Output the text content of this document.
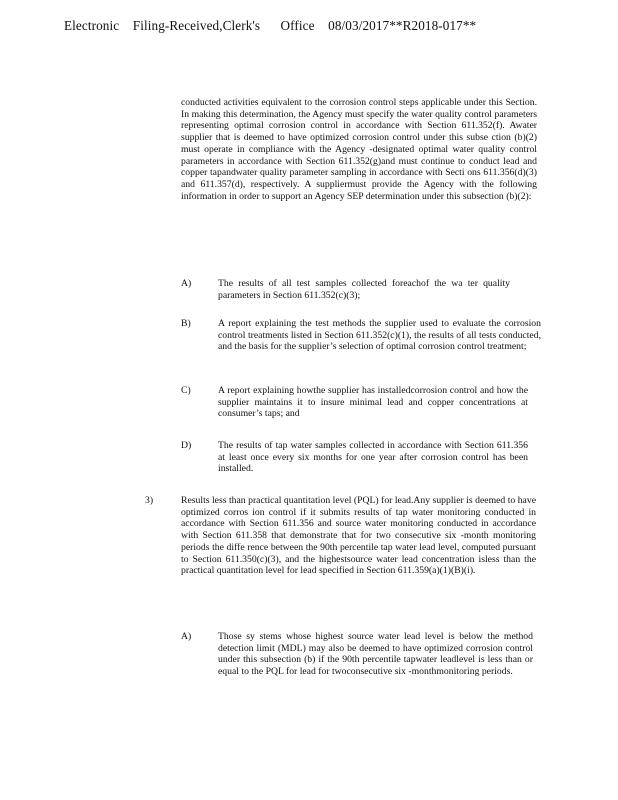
Electronic    Filing-Received,Clerk's      Office    08/03/2017**R2018-017**
conducted activities equivalent to the corrosion control steps applicable under this Section. In making this determination, the Agency must specify the water quality control parameters representing optimal corrosion control in accordance with Section 611.352(f). Awater supplier that is deemed to have optimized corrosion control under this subse ction (b)(2) must operate in compliance with the Agency -designated optimal water quality control parameters in accordance with Section 611.352(g)and must continue to conduct lead and copper tapandwater quality parameter sampling in accordance with Secti ons 611.356(d)(3) and 611.357(d), respectively. A suppliermust provide the Agency with the following information in order to support an Agency SEP determination under this subsection (b)(2):
A)	The results of all test samples collected foreachof the wa ter quality parameters in Section 611.352(c)(3);
B)	A report explaining the test methods the supplier used to evaluate the corrosion control treatments listed in Section 611.352(c)(1), the results of all tests conducted, and the basis for the supplier’s selection of optimal corrosion control treatment;
C)	A report explaining howthe supplier has installedcorrosion control and how the supplier maintains it to insure minimal lead and copper concentrations at consumer’s taps; and
D)	The results of tap water samples collected in accordance with Section 611.356 at least once every six months for one year after corrosion control has been installed.
3)	Results less than practical quantitation level (PQL) for lead.Any supplier is deemed to have optimized corros ion control if it submits results of tap water monitoring conducted in accordance with Section 611.356 and source water monitoring conducted in accordance with Section 611.358 that demonstrate that for two consecutive six -month monitoring periods the diffe rence between the 90th percentile tap water lead level, computed pursuant to Section 611.350(c)(3), and the highestsource water lead concentration isless than the practical quantitation level for lead specified in Section 611.359(a)(1)(B)(i).
A)	Those sy stems whose highest source water lead level is below the method detection limit (MDL) may also be deemed to have optimized corrosion control under this subsection (b) if the 90th percentile tapwater leadlevel is less than or equal to the PQL for lead for twoconsecutive six -monthmonitoring periods.
